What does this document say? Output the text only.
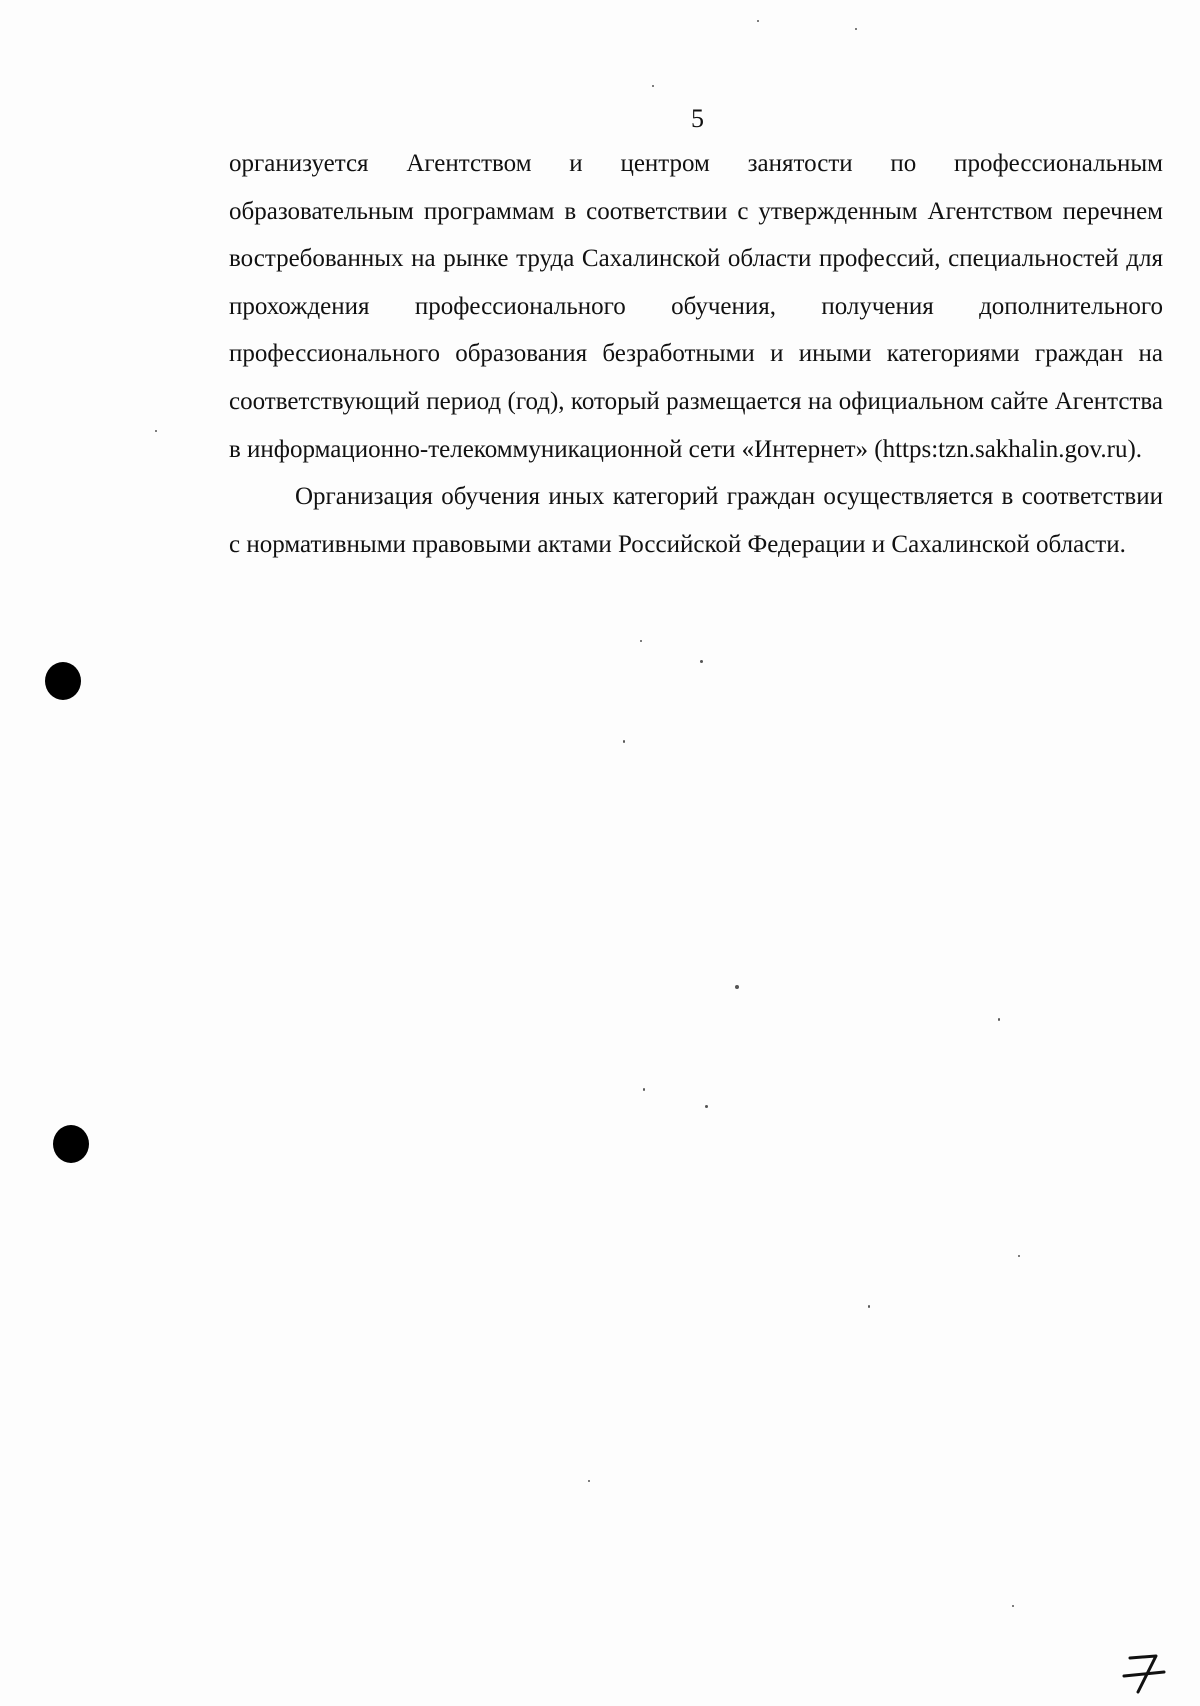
5

организуется Агентством и центром занятости по профессиональным образовательным программам в соответствии с утвержденным Агентством перечнем востребованных на рынке труда Сахалинской области профессий, специальностей для прохождения профессионального обучения, получения дополнительного профессионального образования безработными и иными категориями граждан на соответствующий период (год), который размещается на официальном сайте Агентства в информационно-телекоммуникационной сети «Интернет» (https:tzn.sakhalin.gov.ru).

Организация обучения иных категорий граждан осуществляется в соответствии с нормативными правовыми актами Российской Федерации и Сахалинской области.
